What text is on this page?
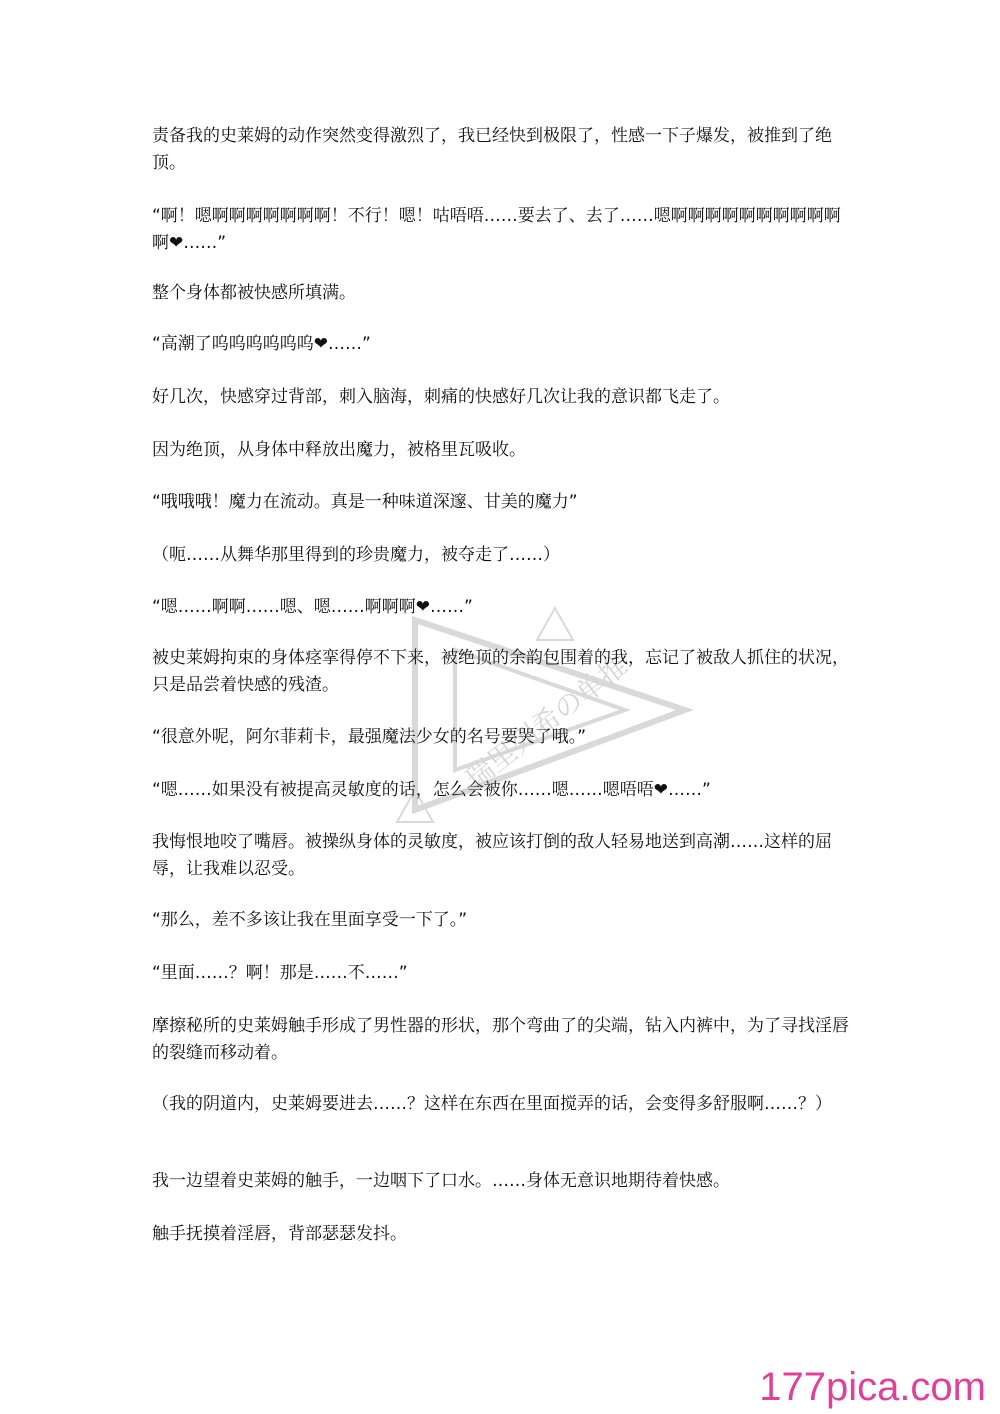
责备我的史莱姆的动作突然变得激烈了，我已经快到极限了，性感一下子爆发，被推到了绝顶。

“啊！嗯啊啊啊啊啊啊啊！不行！嗯！咕唔唔……要去了、去了……嗯啊啊啊啊啊啊啊啊啊啊啊❤……”

整个身体都被快感所填满。

“高潮了呜呜呜呜呜呜❤……”

好几次，快感穿过背部，刺入脑海，刺痛的快感好几次让我的意识都飞走了。

因为绝顶，从身体中释放出魔力，被格里瓦吸收。

“哦哦哦！魔力在流动。真是一种味道深邃、甘美的魔力”

（呃……从舞华那里得到的珍贵魔力，被夺走了……）

“嗯……啊啊……嗯、嗯……啊啊啊❤……”

被史莱姆拘束的身体痉挛得停不下来，被绝顶的余韵包围着的我，忘记了被敌人抓住的状况，只是品尝着快感的残渣。

“很意外呢，阿尔菲莉卡，最强魔法少女的名号要哭了哦。”

“嗯……如果没有被提高灵敏度的话，怎么会被你……嗯……嗯唔唔❤……”

我悔恨地咬了嘴唇。被操纵身体的灵敏度，被应该打倒的敌人轻易地送到高潮……这样的屈辱，让我难以忍受。

“那么，差不多该让我在里面享受一下了。”

“里面……？啊！那是……不……”

摩擦秘所的史莱姆触手形成了男性器的形状，那个弯曲了的尖端，钻入内裤中，为了寻找淫唇的裂缝而移动着。

（我的阴道内，史莱姆要进去……？这样在东西在里面搅弄的话，会变得多舒服啊……？）

我一边望着史莱姆的触手，一边咽下了口水。……身体无意识地期待着快感。

触手抚摸着淫唇，背部瑟瑟发抖。

瑞里列希の单推
177pica.com
